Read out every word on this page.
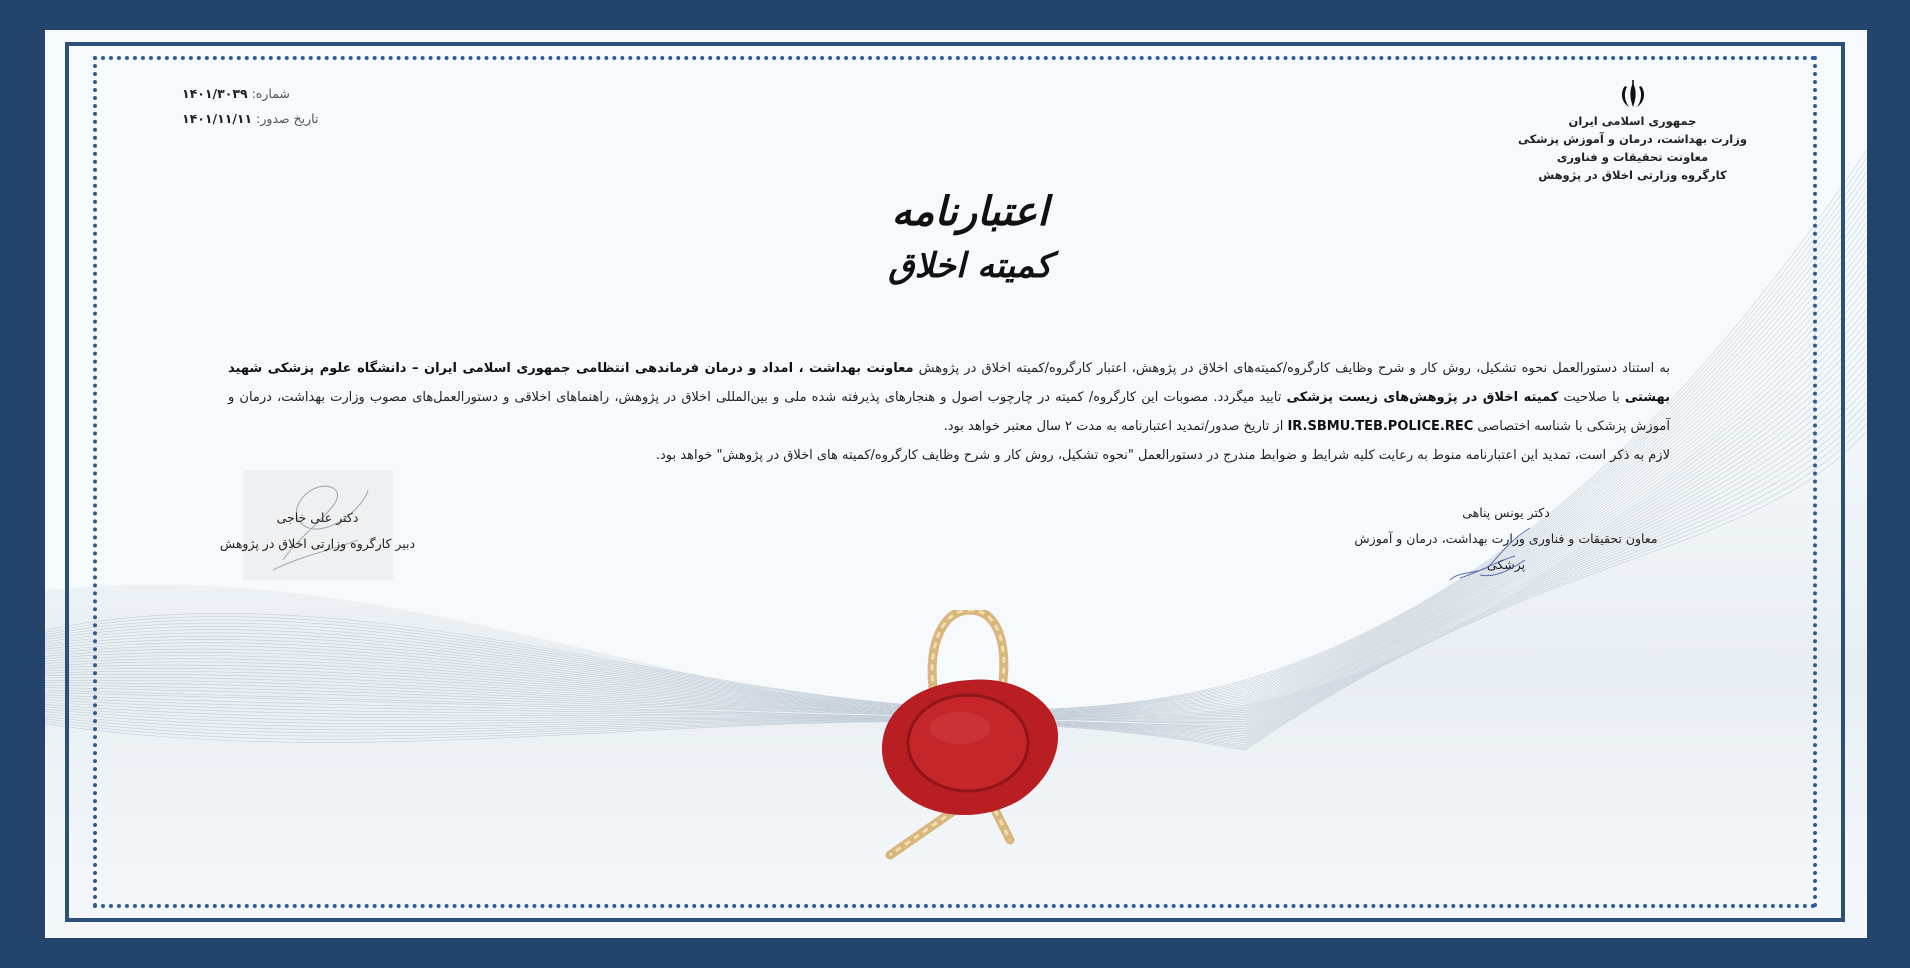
شماره: ۱۴۰۱/۳۰۳۹
تاریخ صدور: ۱۴۰۱/۱۱/۱۱	جمهوری اسلامی ایران
وزارت بهداشت، درمان و آموزش پزشکی
معاونت تحقیقات و فناوری
کارگروه وزارتی اخلاق در پژوهش
اعتبارنامه
کمیته اخلاق
به استناد دستورالعمل نحوه تشکیل، روش کار و شرح وظایف کارگروه/کمیته‌های اخلاق در پژوهش، اعتبار کارگروه/کمیته اخلاق در پژوهش معاونت بهداشت ، امداد و درمان فرماندهی انتظامی جمهوری اسلامی ایران – دانشگاه علوم پزشکی شهید بهشتی با صلاحیت کمیته اخلاق در پژوهش‌های زیست پزشکی تایید میگردد. مصوبات این کارگروه/ کمیته در چارچوب اصول و هنجارهای پذیرفته شده ملی و بین‌المللی اخلاق در پژوهش، راهنماهای اخلاقی و دستورالعمل‌های مصوب وزارت بهداشت، درمان و آموزش پزشکی با شناسه اختصاصی IR.SBMU.TEB.POLICE.REC از تاریخ صدور/تمدید اعتبارنامه به مدت ۲ سال معتبر خواهد بود.
لازم به ذکر است، تمدید این اعتبارنامه منوط به رعایت کلیه شرایط و ضوابط مندرج در دستورالعمل "نحوه تشکیل، روش کار و شرح وظایف کارگروه/کمیته های اخلاق در پژوهش" خواهد بود.
دکتر علی خاجی
دبیر کارگروه وزارتی اخلاق در پژوهش
دکتر یونس پناهی
معاون تحقیقات و فناوری وزارت بهداشت، درمان و آموزش پزشکی
